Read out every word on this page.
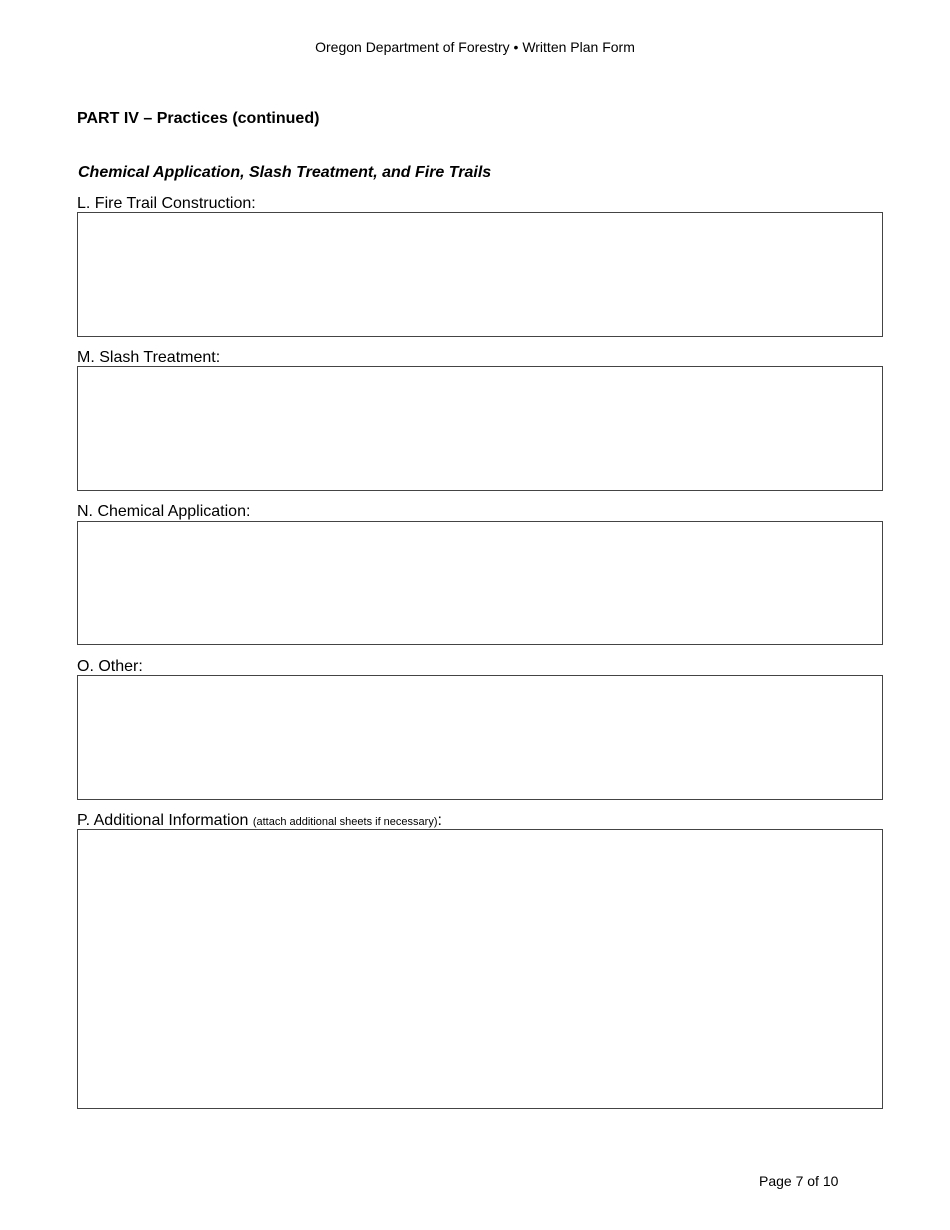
Oregon Department of Forestry • Written Plan Form
PART IV – Practices (continued)
Chemical Application, Slash Treatment, and Fire Trails
L. Fire Trail Construction:
M. Slash Treatment:
N. Chemical Application:
O. Other:
P. Additional Information (attach additional sheets if necessary):
Page 7 of 10
